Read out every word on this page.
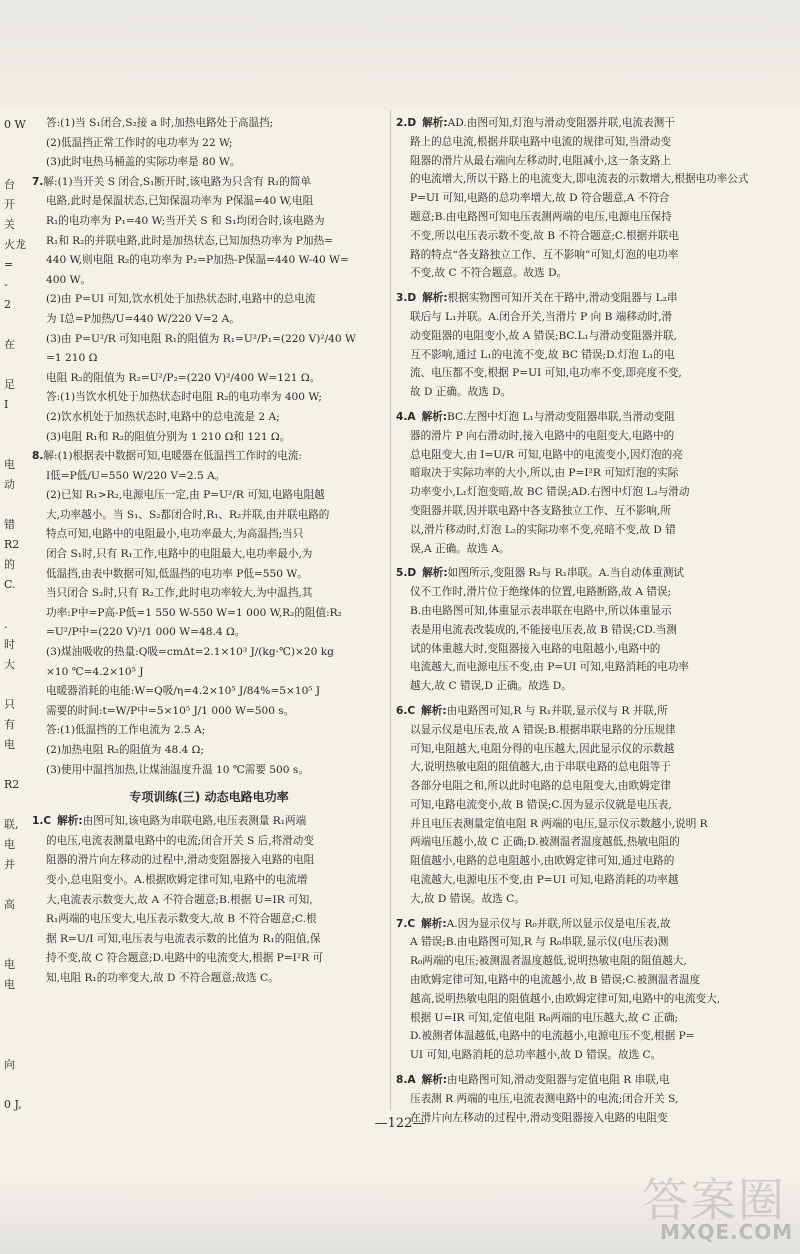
0 W
台
开
关
火龙
=
-
2
在
足
I
电
动
错
R2
的
C.
.
时
大
只
有
电
R2
联,
电
并
高
电
电
向
0 J,
答:(1)当 S₁闭合,S₂接 a 时,加热电路处于高温挡;
(2)低温挡正常工作时的电功率为 22 W;
(3)此时电热马桶盖的实际功率是 80 W。
7.解:(1)当开关 S 闭合,S₁断开时,该电路为只含有 R₁的简单
电路,此时是保温状态,已知保温功率为 P保温=40 W,电阻
R₁的电功率为 P₁=40 W;当开关 S 和 S₁均闭合时,该电路为
R₁和 R₂的并联电路,此时是加热状态,已知加热功率为 P加热=
440 W,则电阻 R₂的电功率为 P₂=P加热-P保温=440 W-40 W=
400 W。
(2)由 P=UI 可知,饮水机处于加热状态时,电路中的总电流
为 I总=P加热/U=440 W/220 V=2 A。
(3)由 P=U²/R 可知电阻 R₁的阻值为 R₁=U²/P₁=(220 V)²/40 W
=1 210 Ω
电阻 R₂的阻值为 R₂=U²/P₂=(220 V)²/400 W=121 Ω。
答:(1)当饮水机处于加热状态时电阻 R₂的电功率为 400 W;
(2)饮水机处于加热状态时,电路中的总电流是 2 A;
(3)电阻 R₁和 R₂的阻值分别为 1 210 Ω和 121 Ω。
8.解:(1)根据表中数据可知,电暖器在低温挡工作时的电流:
I低=P低/U=550 W/220 V=2.5 A。
(2)已知 R₁>R₂,电源电压一定,由 P=U²/R 可知,电路电阻越
大,功率越小。当 S₁、S₂都闭合时,R₁、R₂并联,由并联电路的
特点可知,电路中的电阻最小,电功率最大,为高温挡;当只
闭合 S₁时,只有 R₁工作,电路中的电阻最大,电功率最小,为
低温挡,由表中数据可知,低温挡的电功率 P低=550 W。
当只闭合 S₂时,只有 R₂工作,此时电功率较大,为中温挡,其
功率:P中=P高-P低=1 550 W-550 W=1 000 W,R₂的阻值:R₂
=U²/P中=(220 V)²/1 000 W=48.4 Ω。
(3)煤油吸收的热量:Q吸=cmΔt=2.1×10³ J/(kg·℃)×20 kg
×10 ℃=4.2×10⁵ J
电暖器消耗的电能:W=Q吸/η=4.2×10⁵ J/84%=5×10⁵ J
需要的时间:t=W/P中=5×10⁵ J/1 000 W=500 s。
答:(1)低温挡的工作电流为 2.5 A;
(2)加热电阻 R₂的阻值为 48.4 Ω;
(3)使用中温挡加热,让煤油温度升温 10 ℃需要 500 s。
专项训练(三) 动态电路电功率
1.C 解析:由图可知,该电路为串联电路,电压表测量 R₁两端
的电压,电流表测量电路中的电流;闭合开关 S 后,将滑动变
阻器的滑片向左移动的过程中,滑动变阻器接入电路的电阻
变小,总电阻变小。A.根据欧姆定律可知,电路中的电流增
大,电流表示数变大,故 A 不符合题意;B.根据 U=IR 可知,
R₁两端的电压变大,电压表示数变大,故 B 不符合题意;C.根
据 R=U/I 可知,电压表与电流表示数的比值为 R₁的阻值,保
持不变,故 C 符合题意;D.电路中的电流变大,根据 P=I²R 可
知,电阻 R₁的功率变大,故 D 不符合题意;故选 C。
2.D 解析:AD.由图可知,灯泡与滑动变阻器并联,电流表测干
路上的总电流,根据并联电路中电流的规律可知,当滑动变
阻器的滑片从最右端向左移动时,电阻减小,这一条支路上
的电流增大,所以干路上的电流变大,即电流表的示数增大,根据电功率公式
P=UI 可知,电路的总功率增大,故 D 符合题意,A 不符合
题意;B.由电路图可知电压表测两端的电压,电源电压保持
不变,所以电压表示数不变,故 B 不符合题意;C.根据并联电
路的特点“各支路独立工作、互不影响”可知,灯泡的电功率
不变,故 C 不符合题意。故选 D。
3.D 解析:根据实物图可知开关在干路中,滑动变阻器与 L₂串
联后与 L₁并联。A.闭合开关,当滑片 P 向 B 端移动时,滑
动变阻器的电阻变小,故 A 错误;BC.L₁与滑动变阻器并联,
互不影响,通过 L₁的电流不变,故 BC 错误;D.灯泡 L₁的电
流、电压都不变,根据 P=UI 可知,电功率不变,即亮度不变,
故 D 正确。故选 D。
4.A 解析:BC.左图中灯泡 L₁与滑动变阻器串联,当滑动变阻
器的滑片 P 向右滑动时,接入电路中的电阻变大,电路中的
总电阻变大,由 I=U/R 可知,电路中的电流变小,因灯泡的亮
暗取决于实际功率的大小,所以,由 P=I²R 可知灯泡的实际
功率变小,L₁灯泡变暗,故 BC 错误;AD.右图中灯泡 L₂与滑动
变阻器并联,因并联电路中各支路独立工作、互不影响,所
以,滑片移动时,灯泡 L₂的实际功率不变,亮暗不变,故 D 错
误,A 正确。故选 A。
5.D 解析:如图所示,变阻器 R₂与 R₁串联。A.当自动体重测试
仪不工作时,滑片位于绝缘体的位置,电路断路,故 A 错误;
B.由电路图可知,体重显示表串联在电路中,所以体重显示
表是用电流表改装成的,不能接电压表,故 B 错误;CD.当测
试的体重越大时,变阻器接入电路的电阻越小,电路中的
电流越大,而电源电压不变,由 P=UI 可知,电路消耗的电功率
越大,故 C 错误,D 正确。故选 D。
6.C 解析:由电路图可知,R 与 R₁并联,显示仪与 R 并联,所
以显示仪是电压表,故 A 错误;B.根据串联电路的分压规律
可知,电阻越大,电阻分得的电压越大,因此显示仪的示数越
大,说明热敏电阻的阻值越大,由于串联电路的总电阻等于
各部分电阻之和,所以此时电路的总电阻变大,由欧姆定律
可知,电路电流变小,故 B 错误;C.因为显示仪就是电压表,
并且电压表测量定值电阻 R 两端的电压,显示仪示数越小,说明 R
两端电压越小,故 C 正确;D.被测温者温度越低,热敏电阻的
阻值越小,电路的总电阻越小,由欧姆定律可知,通过电路的
电流越大,电源电压不变,由 P=UI 可知,电路消耗的功率越
大,故 D 错误。故选 C。
7.C 解析:A.因为显示仪与 R₀并联,所以显示仪是电压表,故
A 错误;B.由电路图可知,R 与 R₀串联,显示仪(电压表)测
R₀两端的电压;被测温者温度越低,说明热敏电阻的阻值越大,
由欧姆定律可知,电路中的电流越小,故 B 错误;C.被测温者温度
越高,说明热敏电阻的阻值越小,由欧姆定律可知,电路中的电流变大,
根据 U=IR 可知,定值电阻 R₀两端的电压越大,故 C 正确;
D.被测者体温越低,电路中的电流越小,电源电压不变,根据 P=
UI 可知,电路消耗的总功率越小,故 D 错误。故选 C。
8.A 解析:由电路图可知,滑动变阻器与定值电阻 R 串联,电
压表测 R 两端的电压,电流表测电路中的电流;闭合开关 S,
在滑片向左移动的过程中,滑动变阻器接入电路的电阻变
—122—
答案圈
MXQE.COM
